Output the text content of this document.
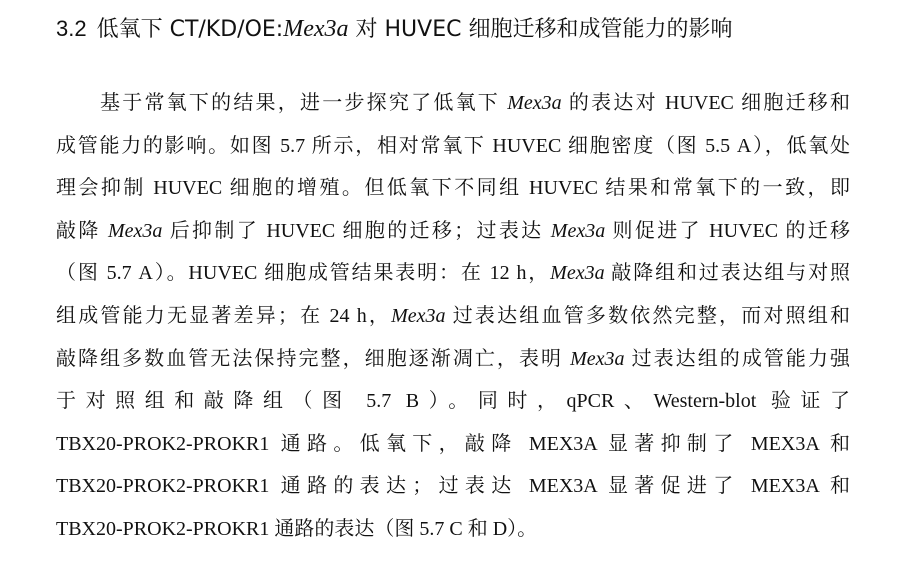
3.2 低氧下 CT/KD/OE:Mex3a 对 HUVEC 细胞迁移和成管能力的影响
基于常氧下的结果，进一步探究了低氧下 Mex3a 的表达对 HUVEC 细胞迁移和
成管能力的影响。如图 5.7 所示，相对常氧下 HUVEC 细胞密度（图 5.5 A），低氧处
理会抑制 HUVEC 细胞的增殖。但低氧下不同组 HUVEC 结果和常氧下的一致，即
敲降 Mex3a 后抑制了 HUVEC 细胞的迁移；过表达 Mex3a 则促进了 HUVEC 的迁移
（图 5.7 A）。HUVEC 细胞成管结果表明：在 12 h，Mex3a 敲降组和过表达组与对照
组成管能力无显著差异；在 24 h，Mex3a 过表达组血管多数依然完整，而对照组和
敲降组多数血管无法保持完整，细胞逐渐凋亡，表明 Mex3a 过表达组的成管能力强
于对照组和敲降组（图 5.7 B）。同时，qPCR、Western-blot 验证了
TBX20-PROK2-PROKR1 通路。低氧下，敲降 MEX3A 显著抑制了 MEX3A 和
TBX20-PROK2-PROKR1 通路的表达；过表达 MEX3A 显著促进了 MEX3A 和
TBX20-PROK2-PROKR1 通路的表达（图 5.7 C 和 D）。
